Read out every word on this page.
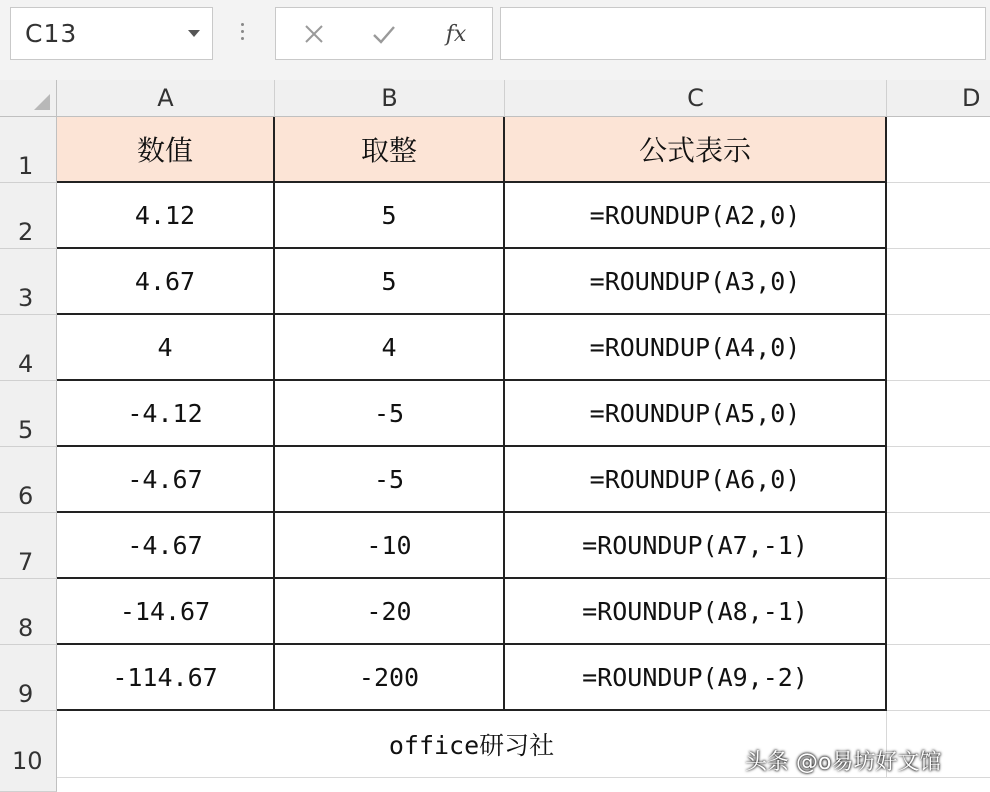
C13	fx
A	B	C	D
1
2
3
4
5
6
7
8
9
10
数值	取整	公式表示
4.12	5	=ROUNDUP(A2,0)
4.67	5	=ROUNDUP(A3,0)
4	4	=ROUNDUP(A4,0)
-4.12	-5	=ROUNDUP(A5,0)
-4.67	-5	=ROUNDUP(A6,0)
-4.67	-10	=ROUNDUP(A7,-1)
-14.67	-20	=ROUNDUP(A8,-1)
-114.67	-200	=ROUNDUP(A9,-2)
office研习社
头条 @o易坊好文馆
